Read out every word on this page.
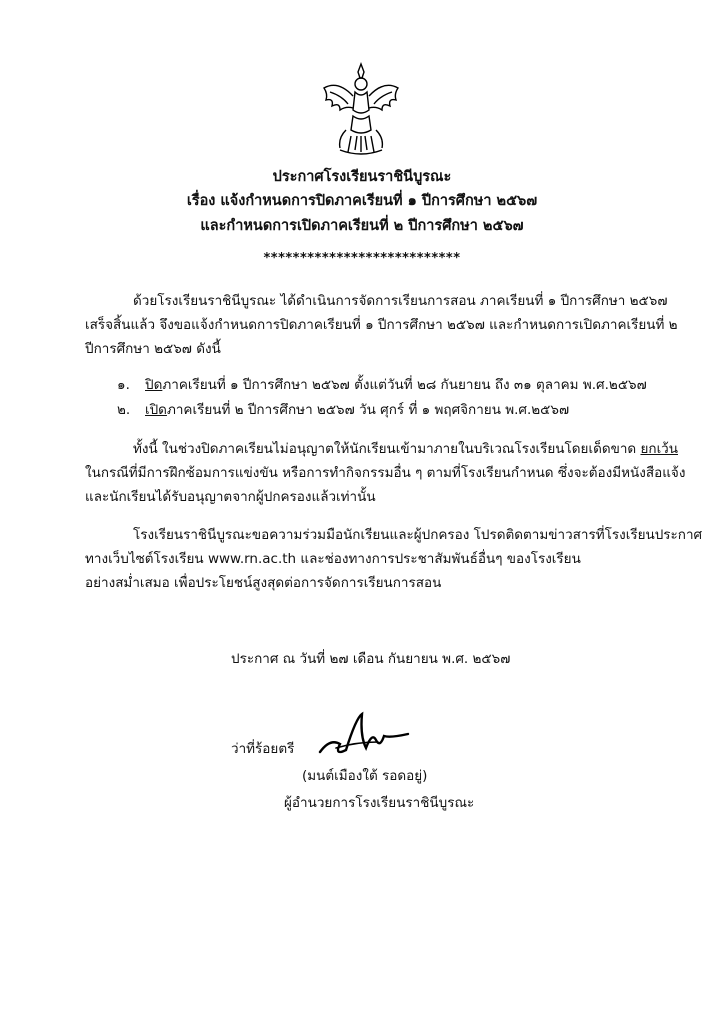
ประกาศโรงเรียนราชินีบูรณะ
เรื่อง แจ้งกำหนดการปิดภาคเรียนที่ ๑ ปีการศึกษา ๒๕๖๗
และกำหนดการเปิดภาคเรียนที่ ๒ ปีการศึกษา ๒๕๖๗
***************************
ด้วยโรงเรียนราชินีบูรณะ ได้ดำเนินการจัดการเรียนการสอน ภาคเรียนที่ ๑ ปีการศึกษา ๒๕๖๗
เสร็จสิ้นแล้ว จึงขอแจ้งกำหนดการปิดภาคเรียนที่ ๑ ปีการศึกษา ๒๕๖๗ และกำหนดการเปิดภาคเรียนที่ ๒
ปีการศึกษา ๒๕๖๗ ดังนี้
๑. ปิดภาคเรียนที่ ๑ ปีการศึกษา ๒๕๖๗ ตั้งแต่วันที่ ๒๘ กันยายน ถึง ๓๑ ตุลาคม พ.ศ.๒๕๖๗
๒. เปิดภาคเรียนที่ ๒ ปีการศึกษา ๒๕๖๗ วัน ศุกร์ ที่ ๑ พฤศจิกายน พ.ศ.๒๕๖๗
ทั้งนี้ ในช่วงปิดภาคเรียนไม่อนุญาตให้นักเรียนเข้ามาภายในบริเวณโรงเรียนโดยเด็ดขาด ยกเว้น
ในกรณีที่มีการฝึกซ้อมการแข่งขัน หรือการทำกิจกรรมอื่น ๆ ตามที่โรงเรียนกำหนด ซึ่งจะต้องมีหนังสือแจ้ง
และนักเรียนได้รับอนุญาตจากผู้ปกครองแล้วเท่านั้น
โรงเรียนราชินีบูรณะขอความร่วมมือนักเรียนและผู้ปกครอง โปรดติดตามข่าวสารที่โรงเรียนประกาศ
ทางเว็บไซต์โรงเรียน www.rn.ac.th และช่องทางการประชาสัมพันธ์อื่นๆ ของโรงเรียน
อย่างสม่ำเสมอ เพื่อประโยชน์สูงสุดต่อการจัดการเรียนการสอน
ประกาศ ณ วันที่ ๒๗ เดือน กันยายน พ.ศ. ๒๕๖๗
ว่าที่ร้อยตรี
(มนต์เมืองใต้ รอดอยู่)
ผู้อำนวยการโรงเรียนราชินีบูรณะ
